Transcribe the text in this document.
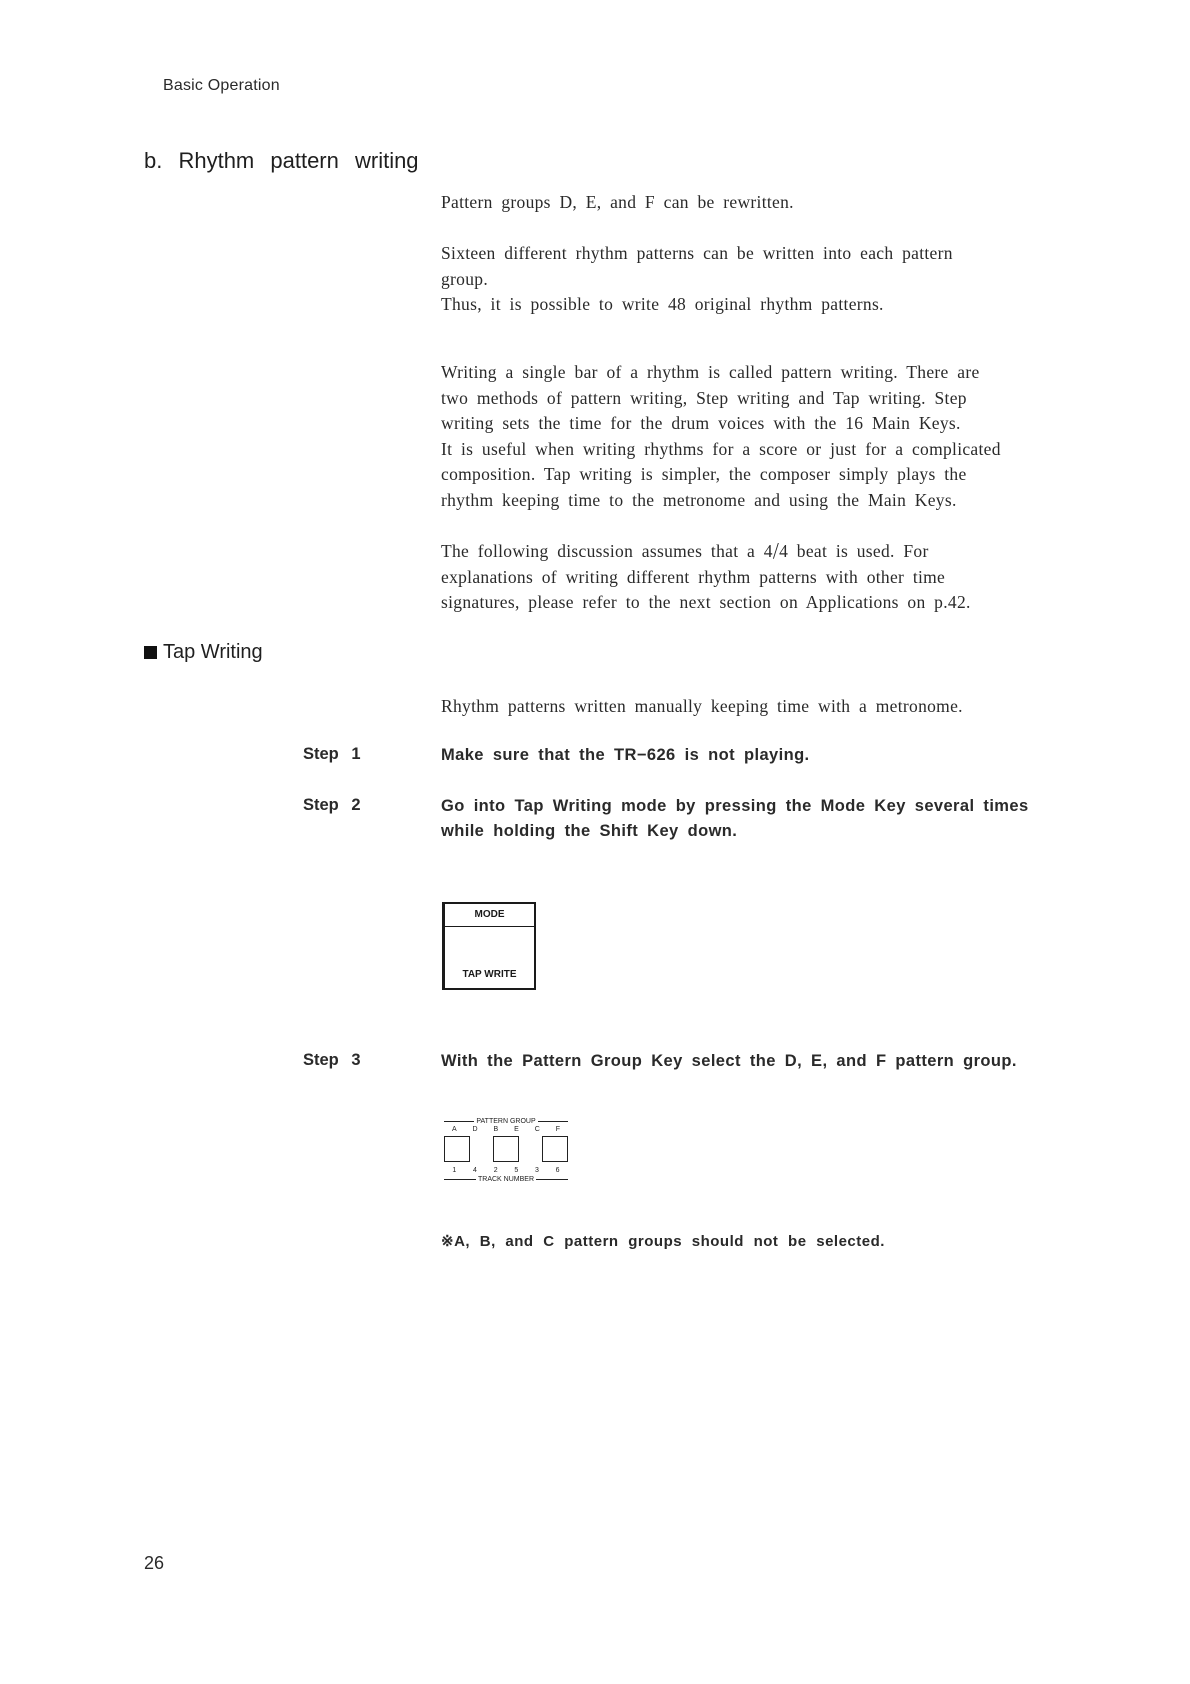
Basic Operation
b. Rhythm pattern writing

Pattern groups D, E, and F can be rewritten.

Sixteen different rhythm patterns can be written into each pattern
group.
Thus, it is possible to write 48 original rhythm patterns.

Writing a single bar of a rhythm is called pattern writing. There are
two methods of pattern writing, Step writing and Tap writing. Step
writing sets the time for the drum voices with the 16 Main Keys.
It is useful when writing rhythms for a score or just for a complicated
composition. Tap writing is simpler, the composer simply plays the
rhythm keeping time to the metronome and using the Main Keys.

The following discussion assumes that a 4⧸4 beat is used. For
explanations of writing different rhythm patterns with other time
signatures, please refer to the next section on Applications on p.42.

Tap Writing

Rhythm patterns written manually keeping time with a metronome.

Step 1	Make sure that the TR−626 is not playing.

Step 2	Go into Tap Writing mode by pressing the Mode Key several times
while holding the Shift Key down.

MODE
TAP WRITE
Step 3	With the Pattern Group Key select the D, E, and F pattern group.

PATTERN GROUP
A D B E C F
1 4 2 5 3 6
TRACK NUMBER
※A, B, and C pattern groups should not be selected.
26
